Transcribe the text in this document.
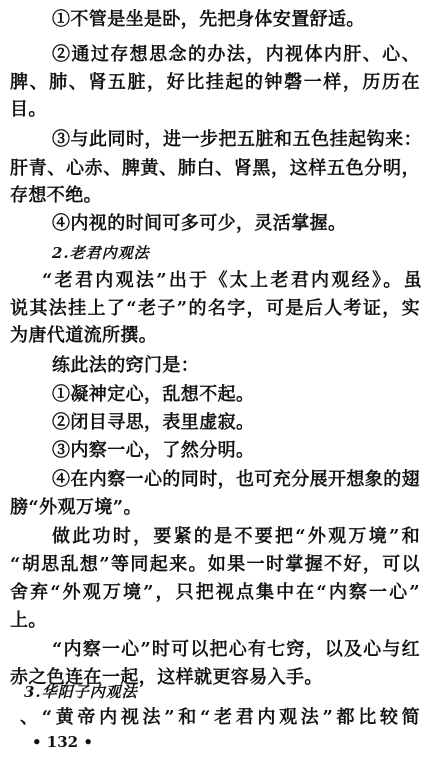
①不管是坐是卧，先把身体安置舒适。
②通过存想思念的办法，内视体内肝、心、
脾、肺、肾五脏，好比挂起的钟磬一样，历历在
目。
③与此同时，进一步把五脏和五色挂起钩来：
肝青、心赤、脾黄、肺白、肾黑，这样五色分明，
存想不绝。
④内视的时间可多可少，灵活掌握。
2.老君内观法
“老君内观法”出于《太上老君内观经》。虽
说其法挂上了“老子”的名字，可是后人考证，实
为唐代道流所撰。
练此法的窍门是：
①凝神定心，乱想不起。
②闭目寻思，表里虚寂。
③内察一心，了然分明。
④在内察一心的同时，也可充分展开想象的翅
膀“外观万境”。
做此功时，要紧的是不要把“外观万境”和
“胡思乱想”等同起来。如果一时掌握不好，可以
舍弃“外观万境”，只把视点集中在“内察一心”
上。
“内察一心”时可以把心有七窍，以及心与红
赤之色连在一起，这样就更容易入手。
3.华阳子内观法
、“黄帝内视法”和“老君内观法”都比较简
• 132 •
